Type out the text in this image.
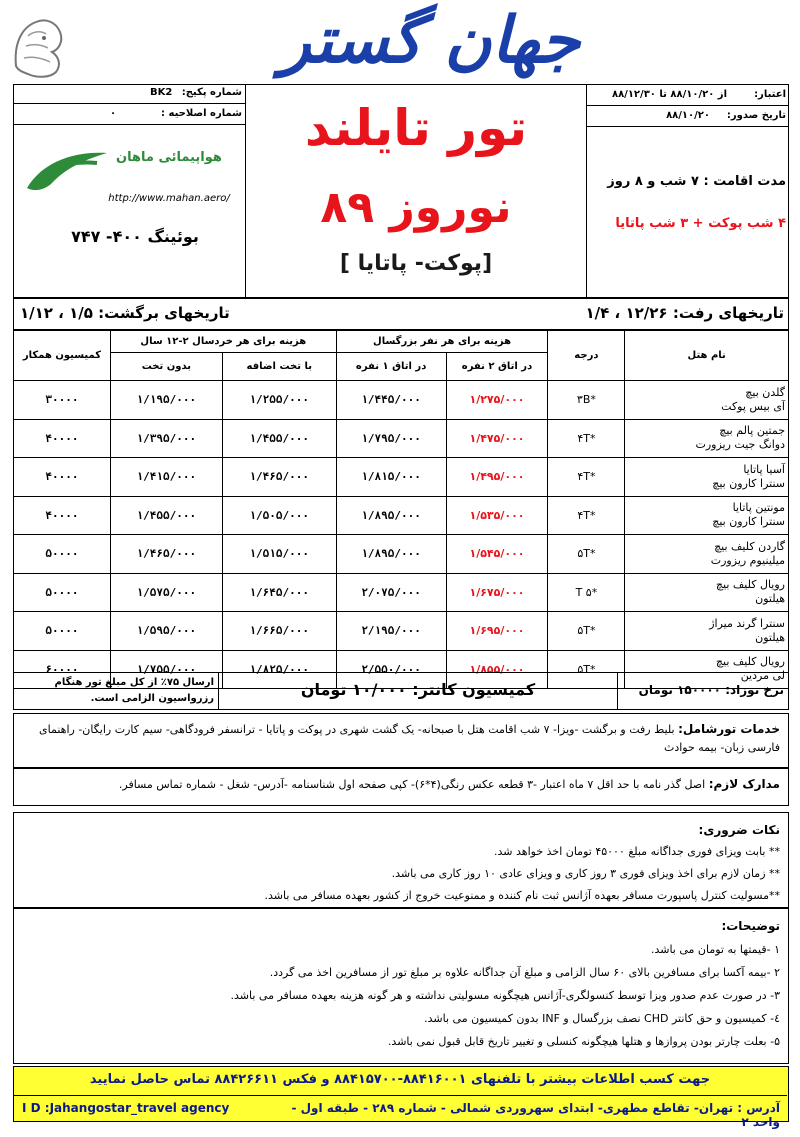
جهان گستر
شماره پکیج:
BK2
شماره اصلاحیه :
۰
هواپیمائی ماهان
http://www.mahan.aero/
بوئینگ ۴۰۰- ۷۴۷
تور تایلند
نوروز ۸۹
[پوکت- پاتایا ]
اعتبار:
از ۸۸/۱۰/۲۰ تا ۸۸/۱۲/۳۰
تاریخ صدور:
۸۸/۱۰/۲۰
مدت اقامت : ۷ شب و ۸ روز
۴ شب پوکت + ۳ شب پاتایا
تاریخهای رفت: ۱۲/۲۶ ، ۱/۴
تاریخهای برگشت: ۱/۵ ، ۱/۱۲
نام هتل	درجه	هزینه برای هر نفر بزرگسال		هزینه برای هر خردسال ۲-۱۲ سال		کمیسیون همکار
		در اتاق ۲ نفره	در اتاق ۱ نفره	با تخت اضافه	بدون تخت	

گلدن بیچ
آی بیس پوکت	*۳B	۱/۲۷۵/۰۰۰	۱/۴۴۵/۰۰۰	۱/۲۵۵/۰۰۰	۱/۱۹۵/۰۰۰	۳۰۰۰۰

جمتین پالم بیچ
دوانگ جیت ریزورت	*۴T	۱/۴۷۵/۰۰۰	۱/۷۹۵/۰۰۰	۱/۴۵۵/۰۰۰	۱/۳۹۵/۰۰۰	۴۰۰۰۰

آسیا پاتایا
سنترا کارون بیچ	*۴T	۱/۴۹۵/۰۰۰	۱/۸۱۵/۰۰۰	۱/۴۶۵/۰۰۰	۱/۴۱۵/۰۰۰	۴۰۰۰۰

مونتین پاتایا
سنترا کارون بیچ	*۴T	۱/۵۳۵/۰۰۰	۱/۸۹۵/۰۰۰	۱/۵۰۵/۰۰۰	۱/۴۵۵/۰۰۰	۴۰۰۰۰

گاردن کلیف بیچ
میلینیوم ریزورت	*۵T	۱/۵۴۵/۰۰۰	۱/۸۹۵/۰۰۰	۱/۵۱۵/۰۰۰	۱/۴۶۵/۰۰۰	۵۰۰۰۰

رویال کلیف بیچ
هیلتون	*۵ T	۱/۶۷۵/۰۰۰	۲/۰۷۵/۰۰۰	۱/۶۴۵/۰۰۰	۱/۵۷۵/۰۰۰	۵۰۰۰۰

سنترا گرند میراژ
هیلتون	*۵T	۱/۶۹۵/۰۰۰	۲/۱۹۵/۰۰۰	۱/۶۶۵/۰۰۰	۱/۵۹۵/۰۰۰	۵۰۰۰۰

رویال کلیف بیچ
لی مردین	*۵T	۱/۸۵۵/۰۰۰	۲/۵۵۰/۰۰۰	۱/۸۲۵/۰۰۰	۱/۷۵۵/۰۰۰	۶۰۰۰۰
نرخ نوزاد: ۱۵۰۰۰۰ تومان
کمیسیون کانتر: ۱۰/۰۰۰ تومان
ارسال ۷۵٪ از کل مبلغ تور هنگام رزرواسیون الزامی است.
خدمات تورشامل: بلیط رفت و برگشت -ویزا- ۷ شب اقامت هتل با صبحانه- یک گشت شهری در پوکت و پاتایا - ترانسفر فرودگاهی- سیم کارت رایگان- راهنمای فارسی زبان- بیمه حوادث
مدارک لازم: اصل گذر نامه با حد اقل ۷ ماه اعتبار -۳ قطعه عکس رنگی(۴*۶)- کپی صفحه اول شناسنامه -آدرس- شغل - شماره تماس مسافر.
نکات ضروری:
** بابت ویزای فوری جداگانه مبلغ ۴۵۰۰۰ تومان اخذ خواهد شد.
** زمان لازم برای اخذ ویزای فوری ۳ روز کاری و ویزای عادی ۱۰ روز کاری می باشد.
**مسولیت کنترل پاسپورت مسافر بعهده آژانس ثبت نام کننده و ممنوعیت خروج از کشور بعهده مسافر می باشد.
توضیحات:
۱ -قیمتها به تومان می باشد.
۲ -بیمه آکسا برای مسافرین بالای ۶۰ سال الزامی و مبلغ آن جداگانه علاوه بر مبلغ تور از مسافرین اخذ می گردد.
۳- در صورت عدم صدور ویزا توسط کنسولگری-آژانس هیچگونه مسولیتی نداشته و هر گونه هزینه بعهده مسافر می باشد.
٤- کمیسیون و حق کانتر CHD نصف بزرگسال و INF بدون کمیسیون می باشد.
۵- بعلت چارتر بودن پروازها و هتلها هیچگونه کنسلی و تغییر تاریخ قابل قبول نمی باشد.
جهت کسب اطلاعات بیشتر با تلفنهای ۸۸۴۱۶۰۰۱-۸۸۴۱۵۷۰۰ و فکس ۸۸۴۲۶۶۱۱ تماس حاصل نمایید
آدرس : تهران- تقاطع مطهری- ابتدای سهروردی شمالی - شماره ۲۸۹ - طبقه اول - واحد ۲
I D :Jahangostar_travel agency
